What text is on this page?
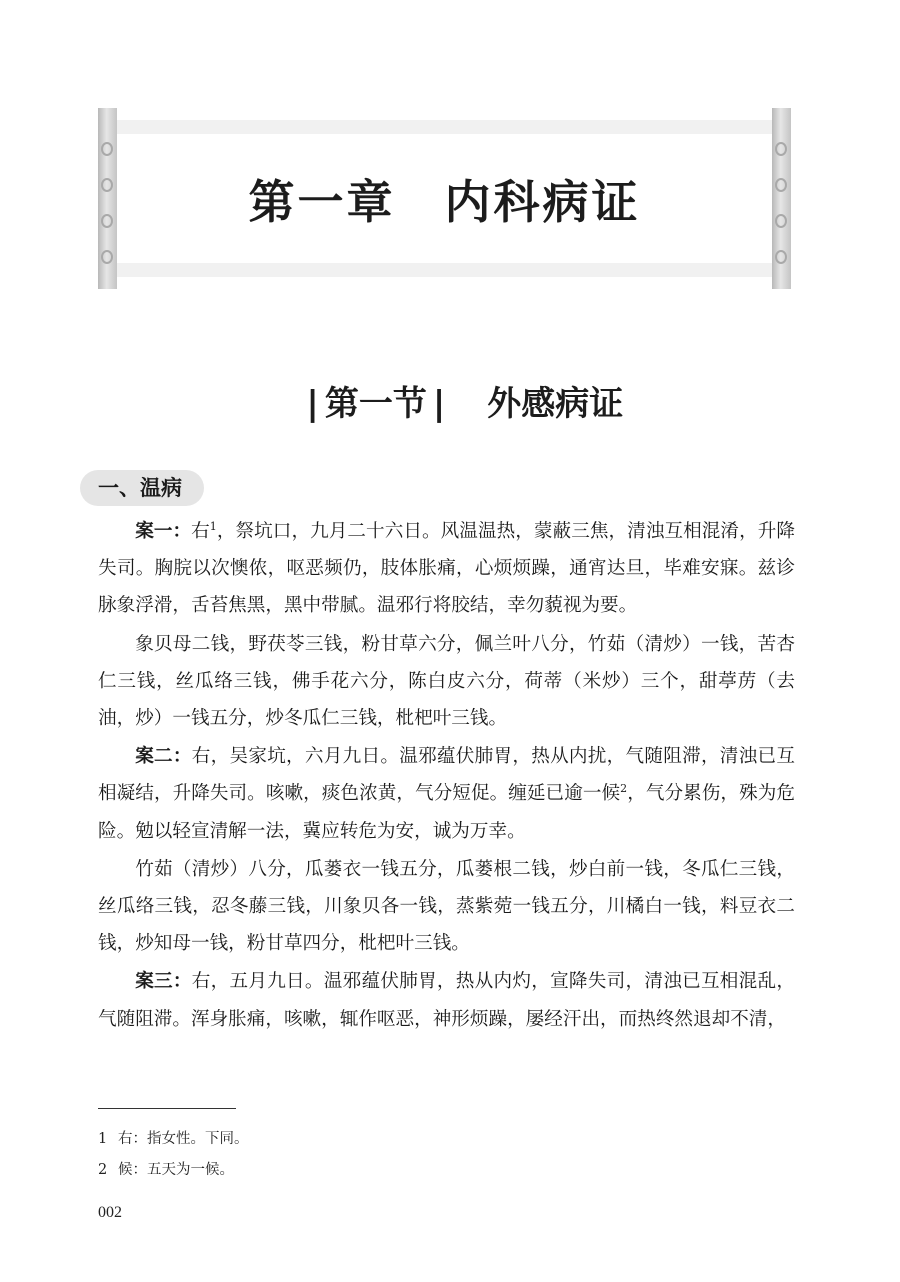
第一章　内科病证

| 第一节 | 外感病证

一、温病

案一：右$^1$，祭坑口，九月二十六日。风温温热，蒙蔽三焦，清浊互相混淆，升降失司。胸脘以次懊侬，呕恶频仍，肢体胀痛，心烦烦躁，通宵达旦，毕难安寐。兹诊脉象浮滑，舌苔焦黑，黑中带腻。温邪行将胶结，幸勿藐视为要。

象贝母二钱，野茯苓三钱，粉甘草六分，佩兰叶八分，竹茹（清炒）一钱，苦杏仁三钱，丝瓜络三钱，佛手花六分，陈白皮六分，荷蒂（米炒）三个，甜葶苈（去油，炒）一钱五分，炒冬瓜仁三钱，枇杷叶三钱。

案二：右，吴家坑，六月九日。温邪蕴伏肺胃，热从内扰，气随阻滞，清浊已互相凝结，升降失司。咳嗽，痰色浓黄，气分短促。缠延已逾一候$^2$，气分累伤，殊为危险。勉以轻宣清解一法，冀应转危为安，诚为万幸。

竹茹（清炒）八分，瓜蒌衣一钱五分，瓜蒌根二钱，炒白前一钱，冬瓜仁三钱，丝瓜络三钱，忍冬藤三钱，川象贝各一钱，蒸紫菀一钱五分，川橘白一钱，料豆衣二钱，炒知母一钱，粉甘草四分，枇杷叶三钱。

案三：右，五月九日。温邪蕴伏肺胃，热从内灼，宣降失司，清浊已互相混乱，气随阻滞。浑身胀痛，咳嗽，辄作呕恶，神形烦躁，屡经汗出，而热终然退却不清，

1 右：指女性。下同。
2 候：五天为一候。
002
